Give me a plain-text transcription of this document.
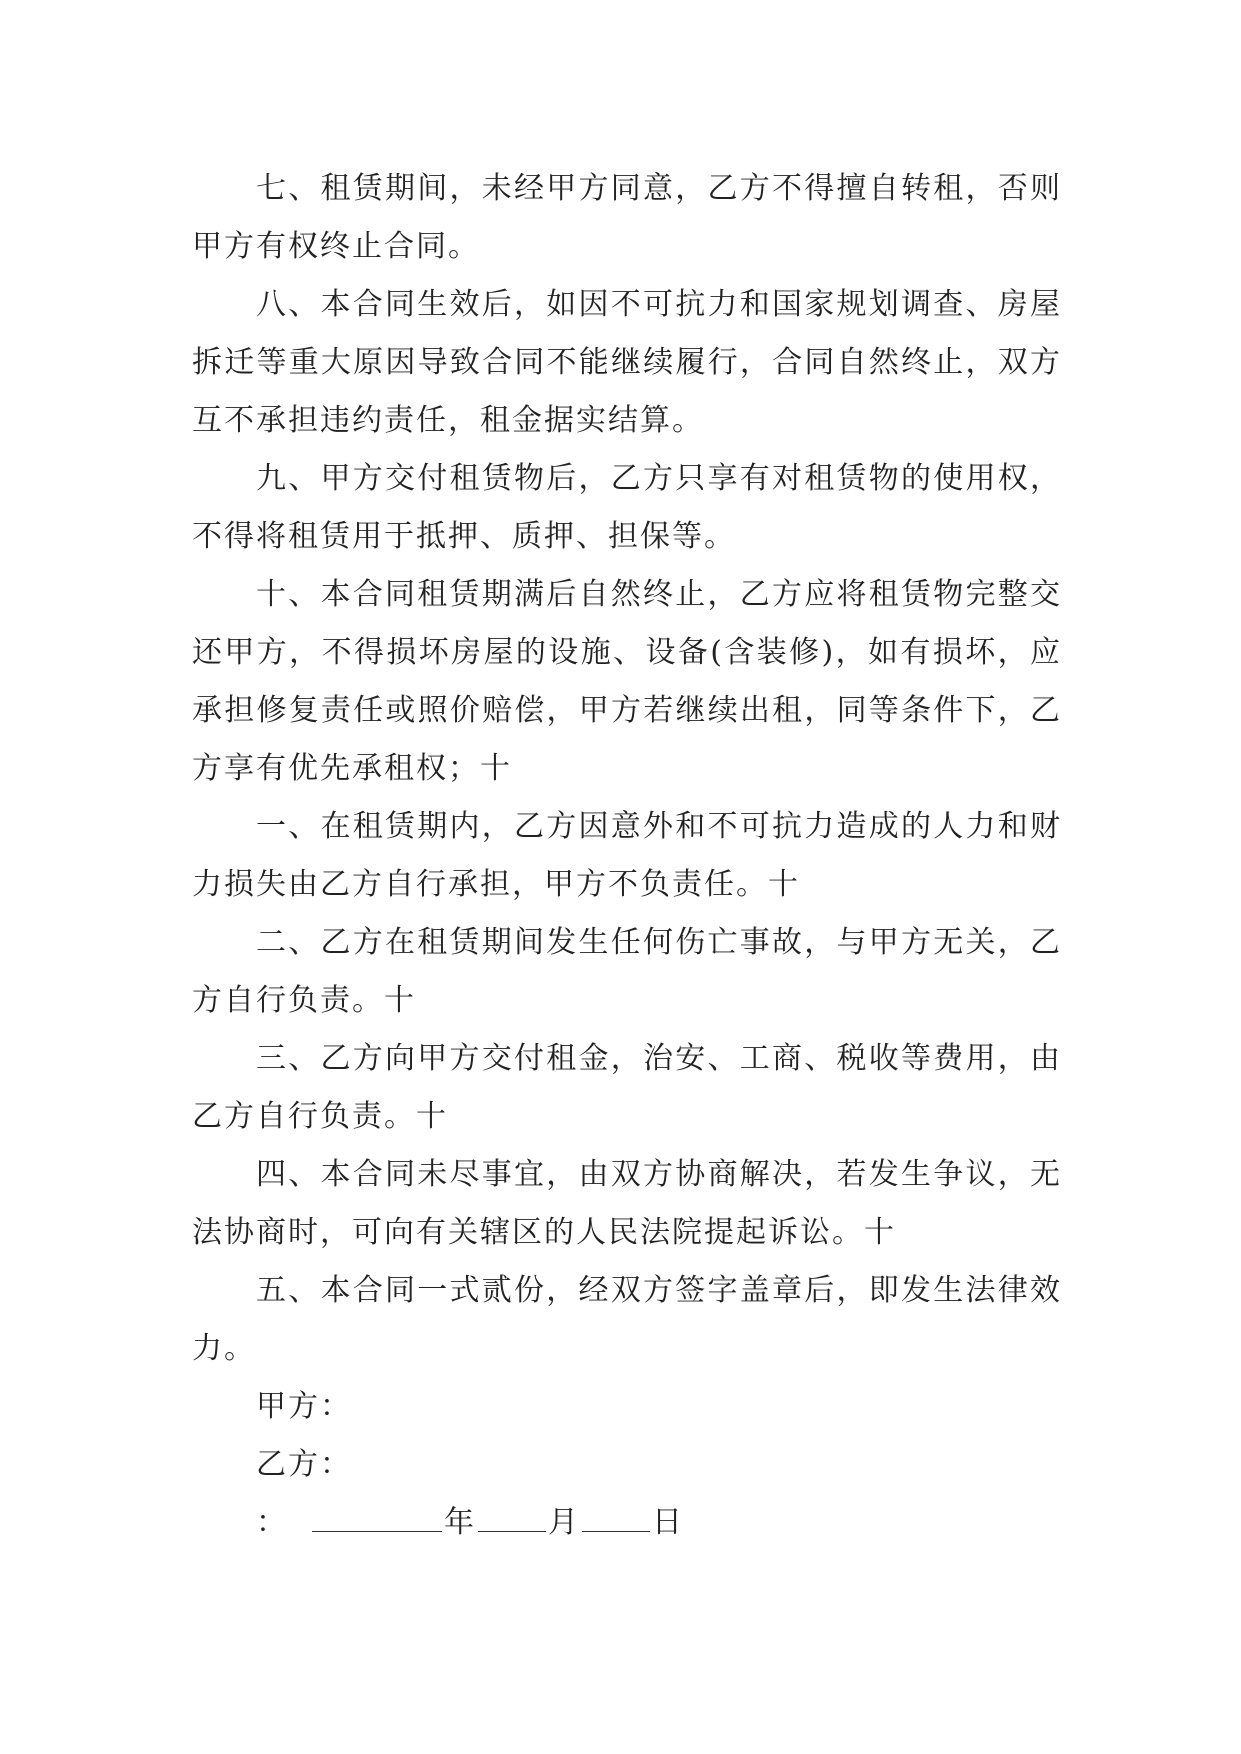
七、租赁期间，未经甲方同意，乙方不得擅自转租，否则甲方有权终止合同。

八、本合同生效后，如因不可抗力和国家规划调查、房屋拆迁等重大原因导致合同不能继续履行，合同自然终止，双方互不承担违约责任，租金据实结算。

九、甲方交付租赁物后，乙方只享有对租赁物的使用权，不得将租赁用于抵押、质押、担保等。

十、本合同租赁期满后自然终止，乙方应将租赁物完整交还甲方，不得损坏房屋的设施、设备(含装修)，如有损坏，应承担修复责任或照价赔偿，甲方若继续出租，同等条件下，乙方享有优先承租权；十

一、在租赁期内，乙方因意外和不可抗力造成的人力和财力损失由乙方自行承担，甲方不负责任。十

二、乙方在租赁期间发生任何伤亡事故，与甲方无关，乙方自行负责。十

三、乙方向甲方交付租金，治安、工商、税收等费用，由乙方自行负责。十

四、本合同未尽事宜，由双方协商解决，若发生争议，无法协商时，可向有关辖区的人民法院提起诉讼。十

五、本合同一式贰份，经双方签字盖章后，即发生法律效力。

甲方：

乙方：

：	年 月 日
